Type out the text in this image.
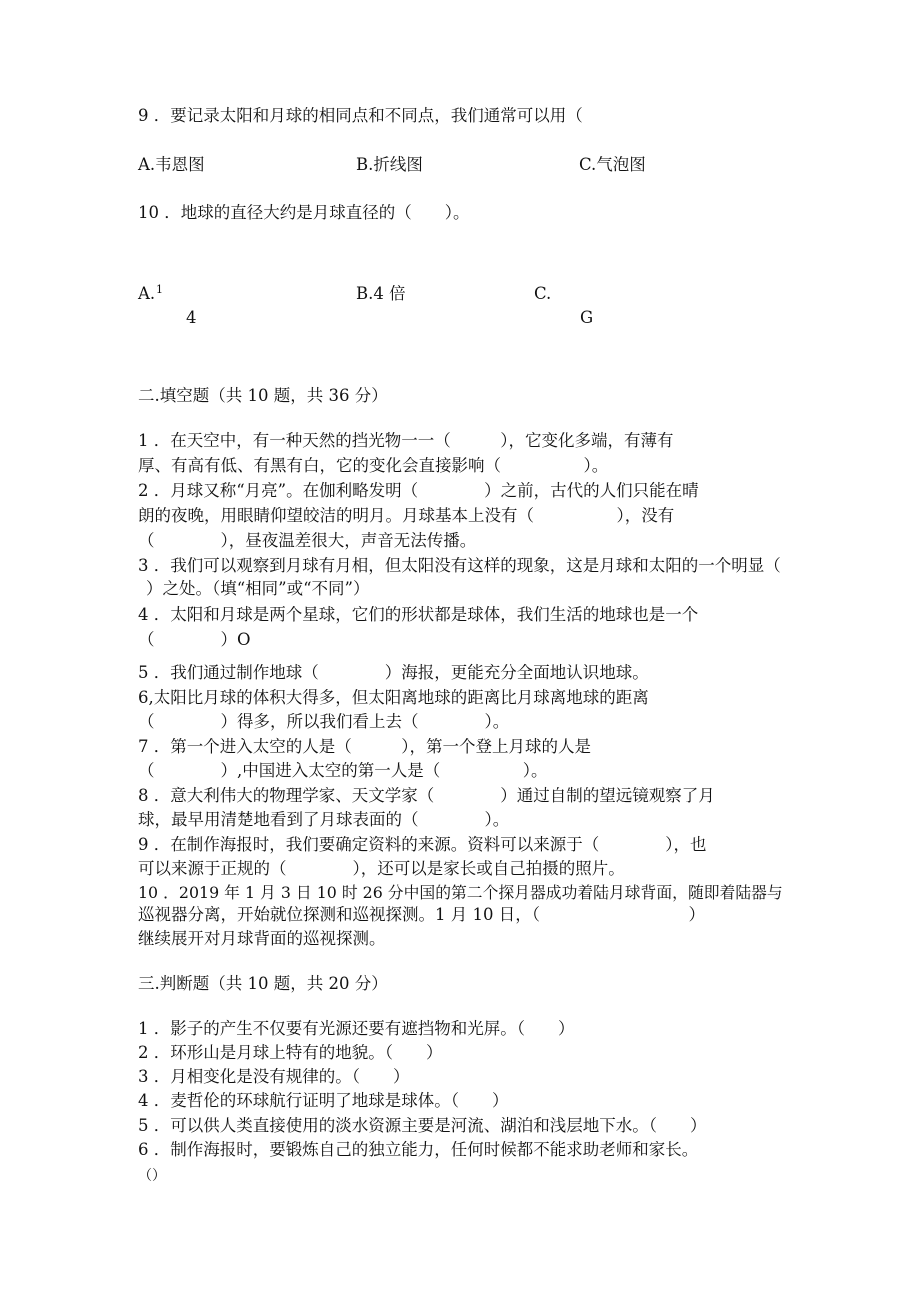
9 ．要记录太阳和月球的相同点和不同点，我们通常可以用（
A.韦恩图	B.折线图	C.气泡图
10 ．地球的直径大约是月球直径的（　　）。
A. 1
4
B.4 倍	C.
G
二.填空题（共 10 题，共 36 分）
1 ．在天空中，有一种天然的挡光物一一（　　　），它变化多端，有薄有
厚、有高有低、有黑有白，它的变化会直接影响（　　　　　）。
2 ．月球又称“月亮”。在伽利略发明（　　　　）之前，古代的人们只能在晴
朗的夜晚，用眼睛仰望皎洁的明月。月球基本上没有（　　　　　），没有
（　　　　），昼夜温差很大，声音无法传播。
3 ．我们可以观察到月球有月相，但太阳没有这样的现象，这是月球和太阳的一个明显（
）之处。（填“相同”或“不同”）
4 ．太阳和月球是两个星球，它们的形状都是球体，我们生活的地球也是一个
（　　　　）O
5 ．我们通过制作地球（　　　　）海报，更能充分全面地认识地球。
6,太阳比月球的体积大得多，但太阳离地球的距离比月球离地球的距离
（　　　　）得多，所以我们看上去（　　　　）。
7 ．第一个进入太空的人是（　　　），第一个登上月球的人是
（　　　　）,中国进入太空的第一人是（　　　　　）。
8 ．意大利伟大的物理学家、天文学家（　　　　）通过自制的望远镜观察了月
球，最早用清楚地看到了月球表面的（　　　　）。
9 ．在制作海报时，我们要确定资料的来源。资料可以来源于（　　　　），也
可以来源于正规的（　　　　），还可以是家长或自己拍摄的照片。
10 ．2019 年 1 月 3 日 10 时 26 分中国的第二个探月器成功着陆月球背面，随即着陆器与
巡视器分离，开始就位探测和巡视探测。1 月 10 日，（　　　　　　　　　）
继续展开对月球背面的巡视探测。
三.判断题（共 10 题，共 20 分）
1 ．影子的产生不仅要有光源还要有遮挡物和光屏。（　　）
2 ．环形山是月球上特有的地貌。（　　）
3 ．月相变化是没有规律的。（　　）
4 ．麦哲伦的环球航行证明了地球是球体。（　　）
5 ．可以供人类直接使用的淡水资源主要是河流、湖泊和浅层地下水。（　　）
6 ．制作海报时，要锻炼自己的独立能力，任何时候都不能求助老师和家长。
（）
